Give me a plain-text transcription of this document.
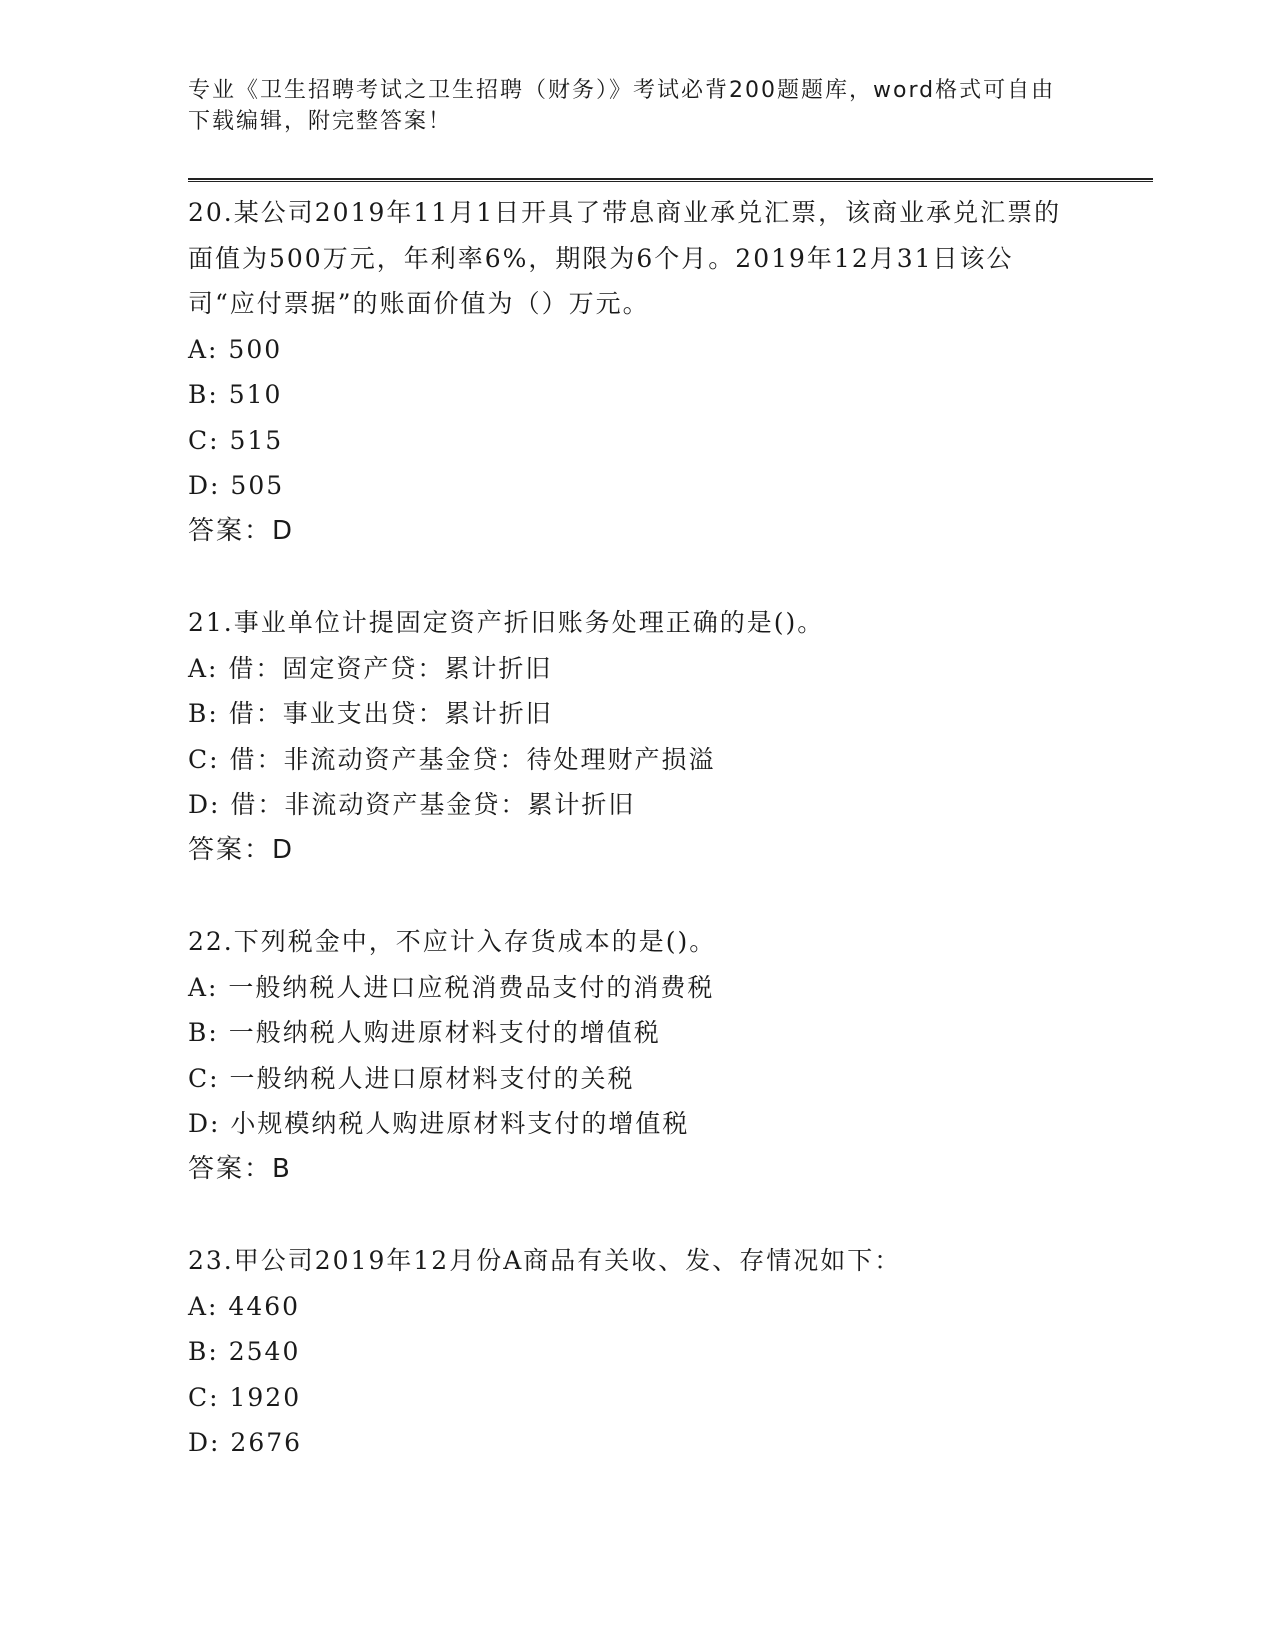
专业《卫生招聘考试之卫生招聘（财务）》考试必背200题题库，word格式可自由下载编辑，附完整答案！
20.某公司2019年11月1日开具了带息商业承兑汇票，该商业承兑汇票的面值为500万元，年利率6%，期限为6个月。2019年12月31日该公司“应付票据”的账面价值为（）万元。
A: 500
B: 510
C: 515
D: 505
答案：D
21.事业单位计提固定资产折旧账务处理正确的是()。
A: 借：固定资产贷：累计折旧
B: 借：事业支出贷：累计折旧
C: 借：非流动资产基金贷：待处理财产损溢
D: 借：非流动资产基金贷：累计折旧
答案：D
22.下列税金中，不应计入存货成本的是()。
A: 一般纳税人进口应税消费品支付的消费税
B: 一般纳税人购进原材料支付的增值税
C: 一般纳税人进口原材料支付的关税
D: 小规模纳税人购进原材料支付的增值税
答案：B
23.甲公司2019年12月份A商品有关收、发、存情况如下：
A: 4460
B: 2540
C: 1920
D: 2676
